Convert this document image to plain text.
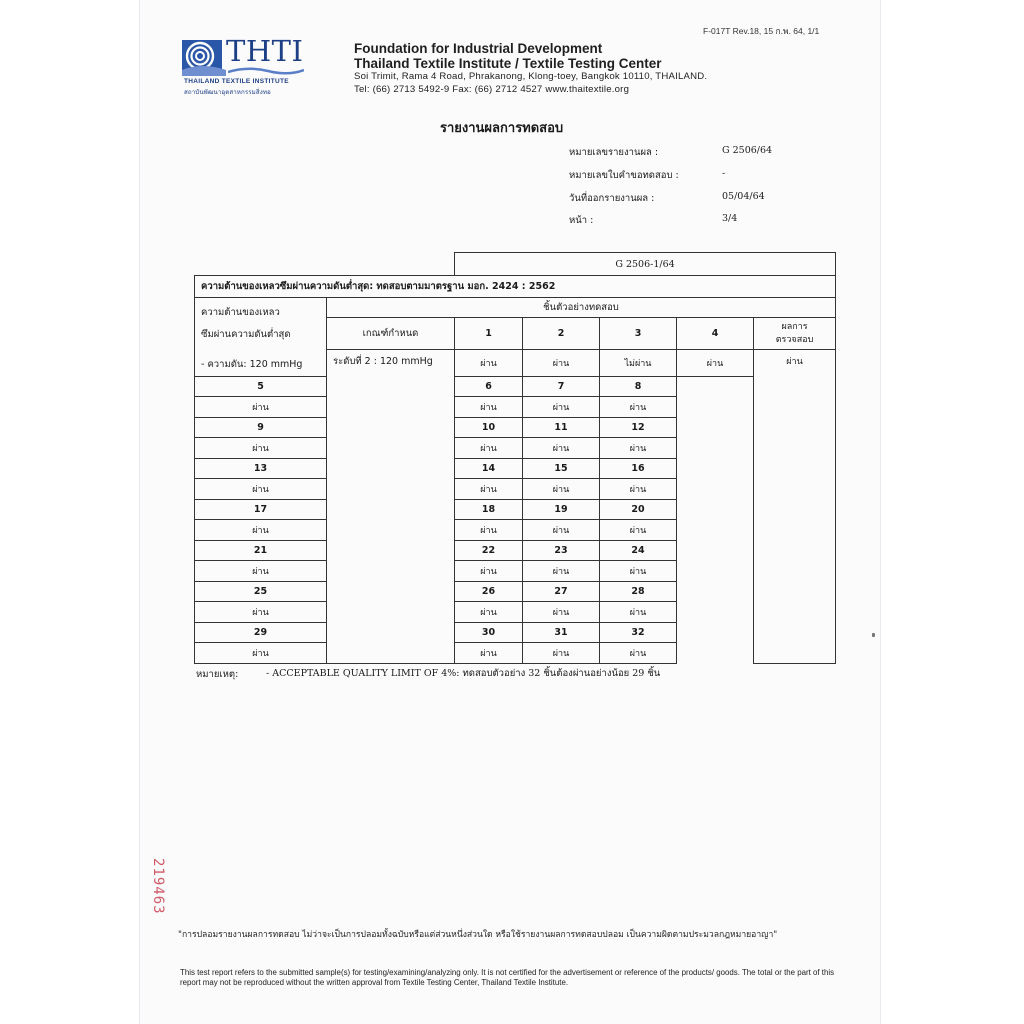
F-017T Rev.18, 15 ก.พ. 64, 1/1
THTI
THAILAND TEXTILE INSTITUTE
สถาบันพัฒนาอุตสาหกรรมสิ่งทอ
Foundation for Industrial Development
Thailand Textile Institute / Textile Testing Center
Soi Trimit, Rama 4 Road, Phrakanong, Klong-toey, Bangkok 10110, THAILAND.
Tel: (66) 2713 5492-9 Fax: (66) 2712 4527 www.thaitextile.org
รายงานผลการทดสอบ
หมายเลขรายงานผล :	G 2506/64
หมายเลขใบคำขอทดสอบ :	-
วันที่ออกรายงานผล :	05/04/64
หน้า :	3/4
		G 2506-1/64				
ความต้านของเหลวซึมผ่านความดันต่ำสุด: ทดสอบตามมาตรฐาน มอก. 2424 : 2562						

ความต้านของเหลว
ซึมผ่านความดันต่ำสุด
- ความดัน: 120 mmHg	ชิ้นตัวอย่างทดสอบ					
	เกณฑ์กำหนด	1	2	3	4	ผลการ
ตรวจสอบ

	ระดับที่ 2 : 120 mmHg	ผ่าน	ผ่าน	ไม่ผ่าน	ผ่าน	ผ่าน

5		6	7	8		
ผ่าน		ผ่าน	ผ่าน	ผ่าน		
9		10	11	12		
ผ่าน		ผ่าน	ผ่าน	ผ่าน		
13		14	15	16		
ผ่าน		ผ่าน	ผ่าน	ผ่าน		
17		18	19	20		
ผ่าน		ผ่าน	ผ่าน	ผ่าน		
21		22	23	24		
ผ่าน		ผ่าน	ผ่าน	ผ่าน		
25		26	27	28		
ผ่าน		ผ่าน	ผ่าน	ผ่าน		
29		30	31	32		
ผ่าน		ผ่าน	ผ่าน	ผ่าน		
หมายเหตุ:	- ACCEPTABLE QUALITY LIMIT OF 4%: ทดสอบตัวอย่าง 32 ชิ้นต้องผ่านอย่างน้อย 29 ชิ้น
219463
"การปลอมรายงานผลการทดสอบ ไม่ว่าจะเป็นการปลอมทั้งฉบับหรือแต่ส่วนหนึ่งส่วนใด หรือใช้รายงานผลการทดสอบปลอม เป็นความผิดตามประมวลกฎหมายอาญา"
This test report refers to the submitted sample(s) for testing/examining/analyzing only. It is not certified for the advertisement or reference of the products/ goods. The total or the part of this report may not be reproduced without the written approval from Textile Testing Center, Thailand Textile Institute.
